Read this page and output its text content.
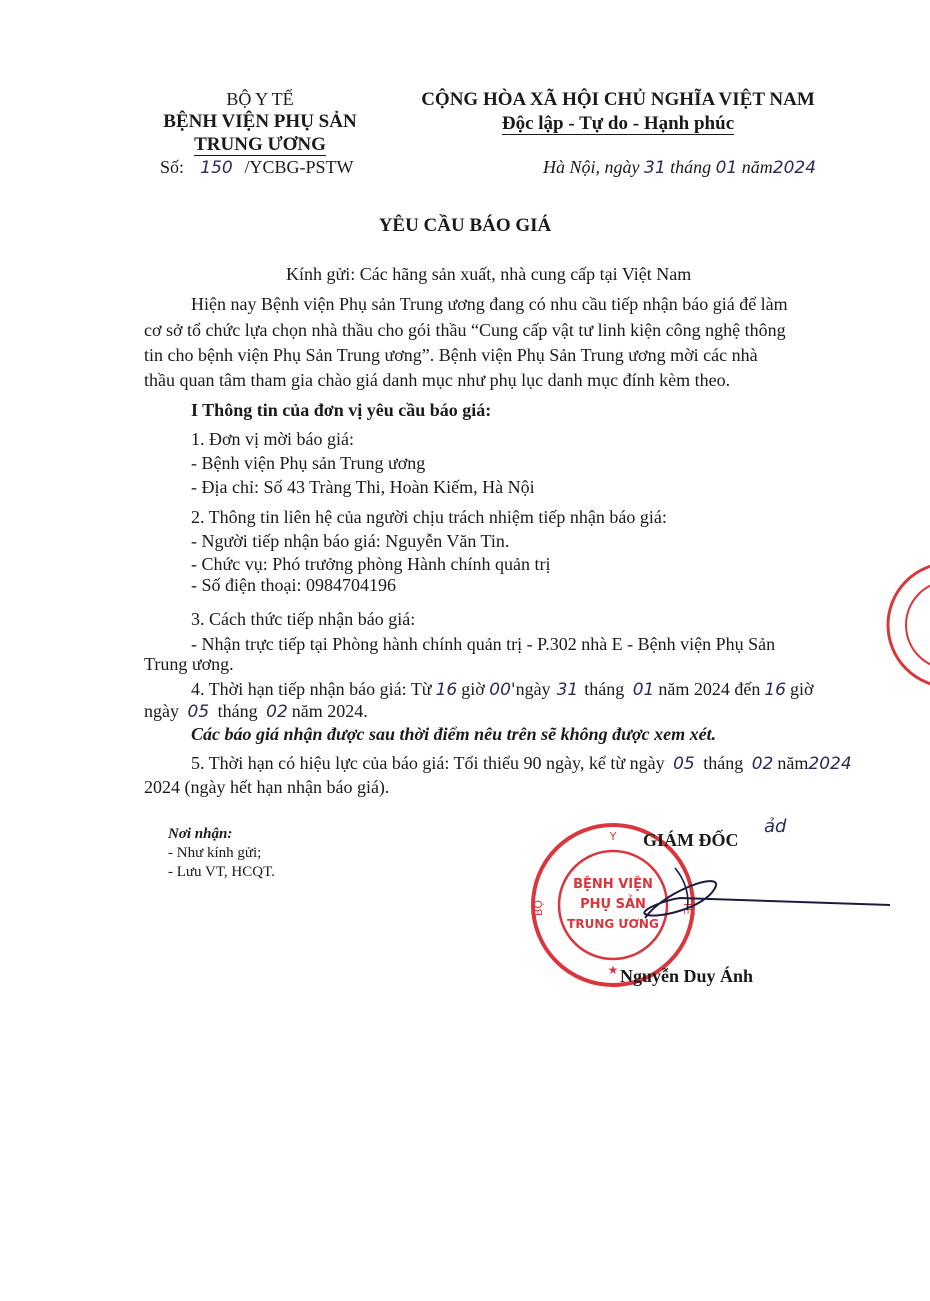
BỘ Y TẾ
BỆNH VIỆN PHỤ SẢN
TRUNG ƯƠNG
Số: 150 /YCBG-PSTW
CỘNG HÒA XÃ HỘI CHỦ NGHĨA VIỆT NAM
Độc lập - Tự do - Hạnh phúc
Hà Nội, ngày 31 tháng 01 năm2024
YÊU CẦU BÁO GIÁ
Kính gửi: Các hãng sản xuất, nhà cung cấp tại Việt Nam
Hiện nay Bệnh viện Phụ sản Trung ương đang có nhu cầu tiếp nhận báo giá để làm
cơ sở tổ chức lựa chọn nhà thầu cho gói thầu “Cung cấp vật tư linh kiện công nghệ thông
tin cho bệnh viện Phụ Sản Trung ương”. Bệnh viện Phụ Sản Trung ương mời các nhà
thầu quan tâm tham gia chào giá danh mục như phụ lục danh mục đính kèm theo.
I Thông tin của đơn vị yêu cầu báo giá:
1. Đơn vị mời báo giá:
- Bệnh viện Phụ sản Trung ương
- Địa chỉ: Số 43 Tràng Thi, Hoàn Kiếm, Hà Nội
2. Thông tin liên hệ của người chịu trách nhiệm tiếp nhận báo giá:
- Người tiếp nhận báo giá: Nguyễn Văn Tin.
- Chức vụ: Phó trưởng phòng Hành chính quản trị
- Số điện thoại: 0984704196
3. Cách thức tiếp nhận báo giá:
- Nhận trực tiếp tại Phòng hành chính quản trị - P.302 nhà E - Bệnh viện Phụ Sản
Trung ương.
4. Thời hạn tiếp nhận báo giá: Từ 16 giờ 00'ngày 31 tháng 01 năm 2024 đến 16 giờ
ngày 05 tháng 02 năm 2024.
Các báo giá nhận được sau thời điểm nêu trên sẽ không được xem xét.
5. Thời hạn có hiệu lực của báo giá: Tối thiểu 90 ngày, kể từ ngày 05 tháng 02 năm2024
2024 (ngày hết hạn nhận báo giá).
Nơi nhận:
- Như kính gửi;
- Lưu VT, HCQT.
Y
BỘ	TẾ
BỆNH VIỆN
PHỤ SẢN
TRUNG ƯƠNG
★
GIÁM ĐỐC
ảd
Nguyễn Duy Ánh
